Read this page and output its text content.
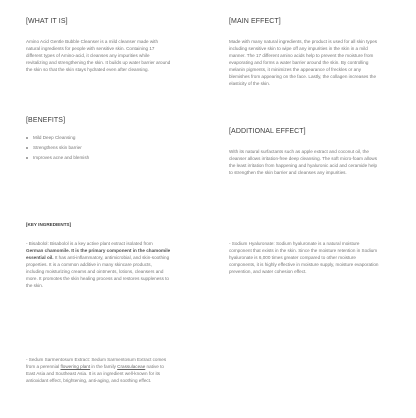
[WHAT IT IS]

Amino Acid Gentle Bubble Cleanser is a mild cleanser made with natural ingredients for people with sensitive skin. Containing 17 different types of Amino-acid, it cleanses any impurities while revitalizing and strengthening the skin. It builds up water barrier around the skin so that the skin stays hydrated even after cleansing.

[MAIN EFFECT]

Made with many natural ingredients, the product is used for all skin types including sensitive skin to wipe off any impurities in the skin in a mild manner. The 17 different amino acids help to prevent the moisture from evaporating and forms a water barrier around the skin. By controlling melanin pigments, it minimizes the appearance of freckles or any blemishes from appearing on the face. Lastly, the collagen increases the elasticity of the skin.

[BENEFITS]

Mild Deep Cleansing
Strengthens skin barrier
Improves acne and blemish

[ADDITIONAL EFFECT]

With its natural surfactants such as apple extract and coconut oil, the cleanser allows irritation-free deep cleansing. The soft micro-foam allows the least irritation from happening and hyaluronic acid and ceramide help to strengthen the skin barrier and cleanses any impurities.

[KEY INGREDIENTS]

- Bisabolol: Bisabolol is a key active plant extract isolated from German chamomile. It is the primary component in the chamomile essential oil. It has anti-inflammatory, antimicrobial, and skin-soothing properties. It is a common additive in many skincare products, including moisturizing creams and ointments, lotions, cleansers and more. It promotes the skin healing process and restores suppleness to the skin.

- Sodium Hyaluronate: Sodium hyaluronate is a natural moisture component that exists in the skin. Since the moisture retention in Sodium hyaluronate is 6,000 times greater compared to other moisture components, it is highly effective in moisture supply, moisture evaporation prevention, and water cohesion effect.

- Sedum Sarmentosum Extract: Sedum Sarmentosum Extract comes from a perennial flowering plant in the family Crassulaceae native to East Asia and Southeast Asia. It is an ingredient well-known for its antioxidant effect, brightening, anti-aging, and soothing effect.
